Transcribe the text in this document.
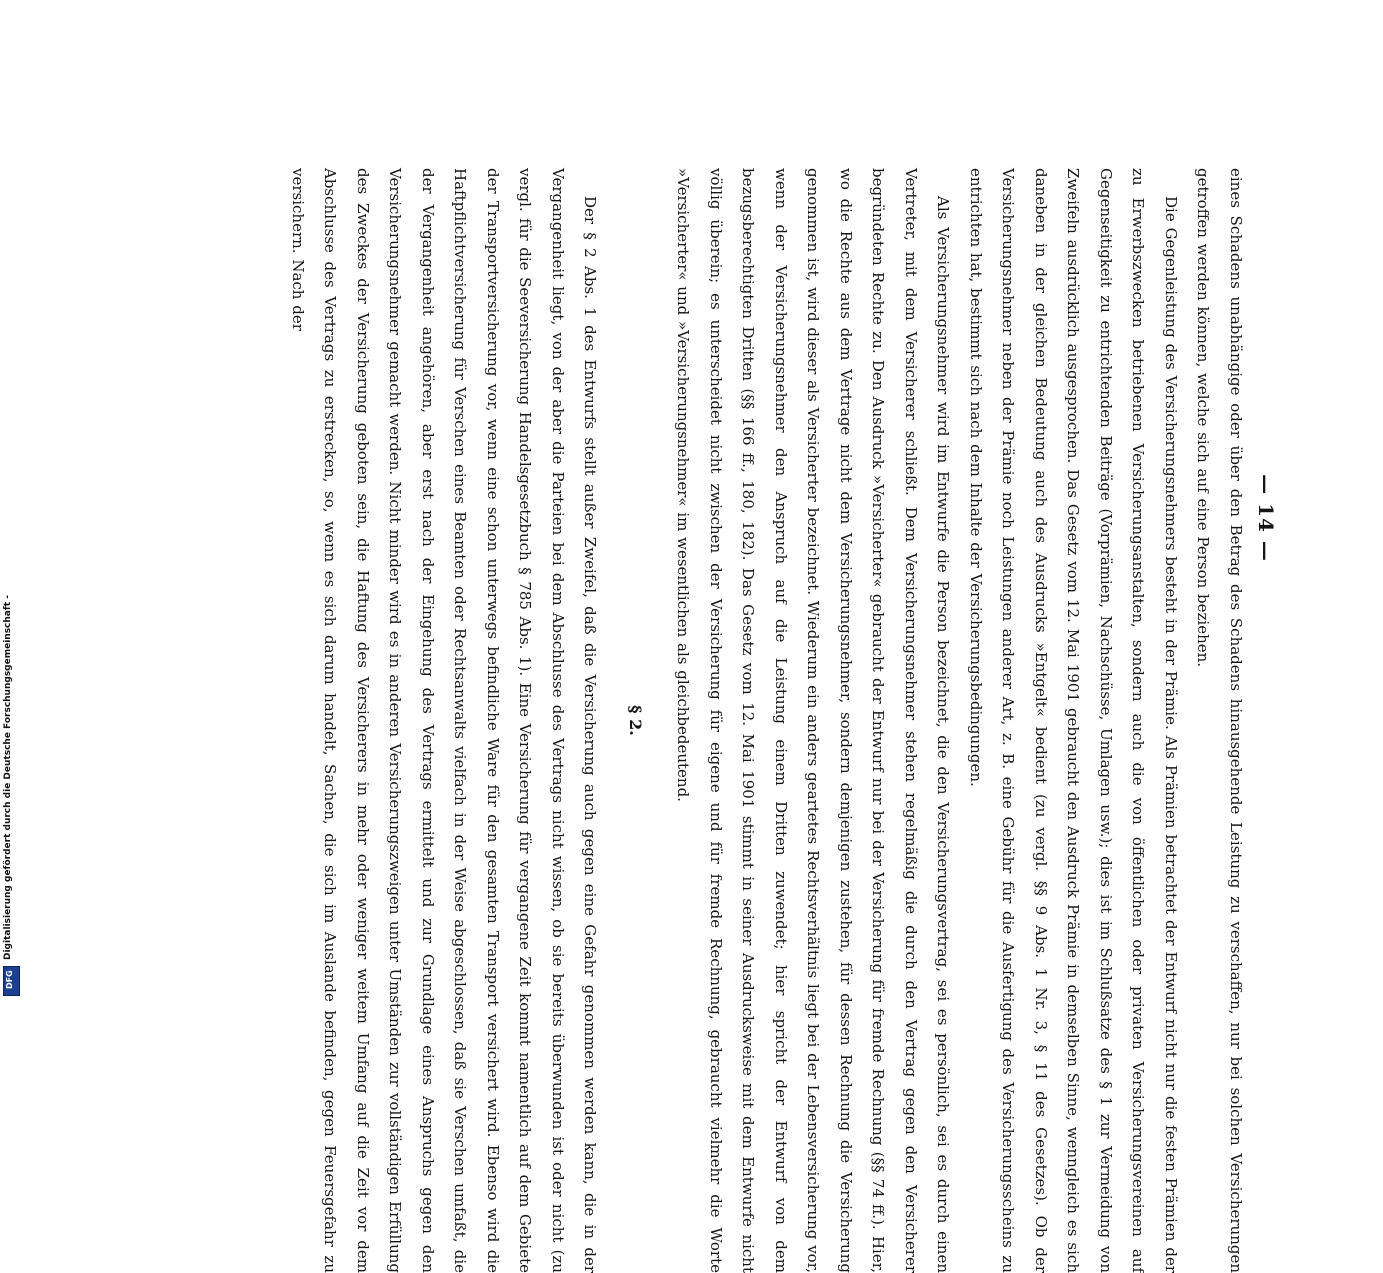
Digitalisierung gefördert durch die Deutsche Forschungsgemeinschaft -
DFG
— 14 —

eines Schadens unabhängige oder über den Betrag des Schadens hinausgehende Leistung zu verschaffen, nur bei solchen Versicherungen getroffen werden können, welche sich auf eine Person beziehen.

Die Gegenleistung des Versicherungsnehmers besteht in der Prämie. Als Prämien betrachtet der Entwurf nicht nur die festen Prämien der zu Erwerbszwecken betriebenen Versicherungsanstalten, sondern auch die von öffentlichen oder privaten Versicherungsvereinen auf Gegenseitigkeit zu entrichtenden Beiträge (Vorprämien, Nachschüsse, Umlagen usw.); dies ist im Schlußsatze des § 1 zur Vermeidung von Zweifeln ausdrücklich ausgesprochen. Das Gesetz vom 12. Mai 1901 gebraucht den Ausdruck Prämie in demselben Sinne, wenngleich es sich daneben in der gleichen Bedeutung auch des Ausdrucks »Entgelt« bedient (zu vergl. §§ 9 Abs. 1 Nr. 3, § 11 des Gesetzes). Ob der Versicherungsnehmer neben der Prämie noch Leistungen anderer Art, z. B. eine Gebühr für die Ausfertigung des Versicherungsscheins zu entrichten hat, bestimmt sich nach dem Inhalte der Versicherungsbedingungen.

Als Versicherungsnehmer wird im Entwurfe die Person bezeichnet, die den Versicherungsvertrag, sei es persönlich, sei es durch einen Vertreter, mit dem Versicherer schließt. Dem Versicherungsnehmer stehen regelmäßig die durch den Vertrag gegen den Versicherer begründeten Rechte zu. Den Ausdruck »Versicherter« gebraucht der Entwurf nur bei der Versicherung für fremde Rechnung (§§ 74 ff.). Hier, wo die Rechte aus dem Vertrage nicht dem Versicherungsnehmer, sondern demjenigen zustehen, für dessen Rechnung die Versicherung genommen ist, wird dieser als Versicherter bezeichnet. Wiederum ein anders geartetes Rechtsverhältnis liegt bei der Lebensversicherung vor, wenn der Versicherungsnehmer den Anspruch auf die Leistung einem Dritten zuwendet; hier spricht der Entwurf von dem bezugsberechtigten Dritten (§§ 166 ff., 180, 182). Das Gesetz vom 12. Mai 1901 stimmt in seiner Ausdrucksweise mit dem Entwurfe nicht völlig überein; es unterscheidet nicht zwischen der Versicherung für eigene und für fremde Rechnung, gebraucht vielmehr die Worte »Versicherter« und »Versicherungsnehmer« im wesentlichen als gleichbedeutend.

§ 2.

Der § 2 Abs. 1 des Entwurfs stellt außer Zweifel, daß die Versicherung auch gegen eine Gefahr genommen werden kann, die in der Vergangenheit liegt, von der aber die Parteien bei dem Abschlusse des Vertrags nicht wissen, ob sie bereits überwunden ist oder nicht (zu vergl. für die Seeversicherung Handelsgesetzbuch § 785 Abs. 1). Eine Versicherung für vergangene Zeit kommt namentlich auf dem Gebiete der Transportversicherung vor, wenn eine schon unterwegs befindliche Ware für den gesamten Transport versichert wird. Ebenso wird die Haftpflichtversicherung für Verschen eines Beamten oder Rechtsanwalts vielfach in der Weise abgeschlossen, daß sie Verschen umfaßt, die der Vergangenheit angehören, aber erst nach der Eingehung des Vertrags ermittelt und zur Grundlage eines Anspruchs gegen den Versicherungsnehmer gemacht werden. Nicht minder wird es in anderen Versicherungszweigen unter Umständen zur vollständigen Erfüllung des Zweckes der Versicherung geboten sein, die Haftung des Versicherers in mehr oder weniger weitem Umfang auf die Zeit vor dem Abschlusse des Vertrags zu erstrecken, so, wenn es sich darum handelt, Sachen, die sich im Auslande befinden, gegen Feuersgefahr zu versichern. Nach der
